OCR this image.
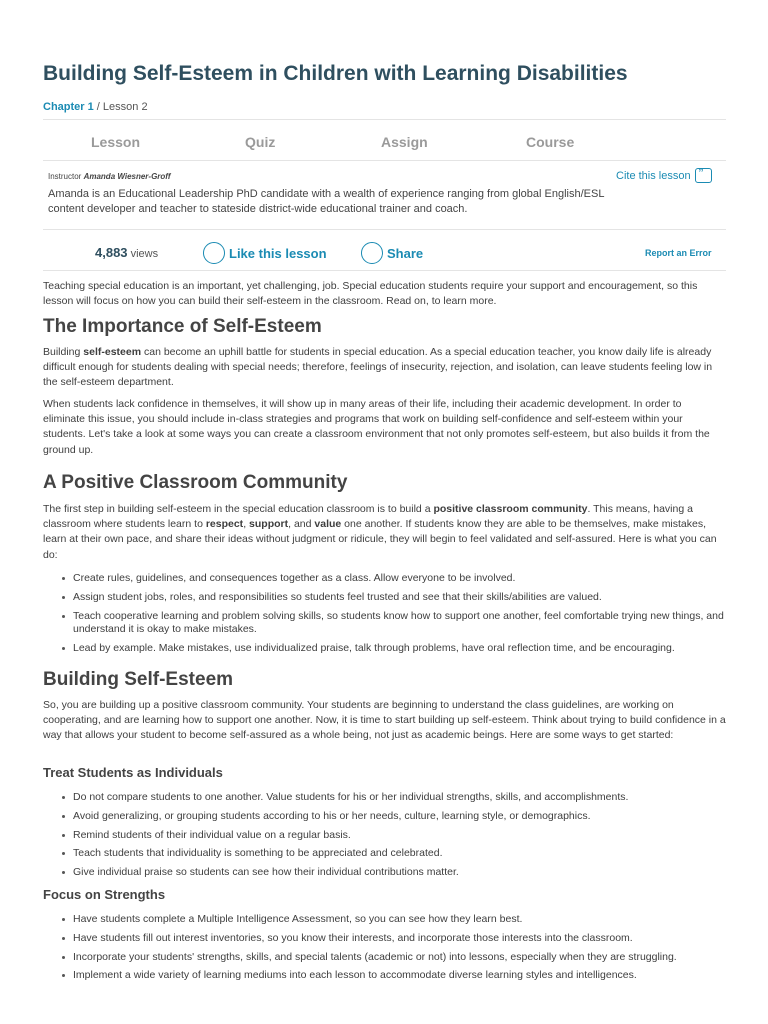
Building Self-Esteem in Children with Learning Disabilities
Chapter 1 / Lesson 2
Lesson	Quiz	Assign	Course
Instructor Amanda Wiesner-Groff	Cite this lesson
”
Amanda is an Educational Leadership PhD candidate with a wealth of experience ranging from global English/ESL content developer and teacher to stateside district-wide educational trainer and coach.
4,883 views	Like this lesson	Share	Report an Error

Teaching special education is an important, yet challenging, job. Special education students require your support and encouragement, so this lesson will focus on how you can build their self-esteem in the classroom. Read on, to learn more.

The Importance of Self-Esteem

Building self-esteem can become an uphill battle for students in special education. As a special education teacher, you know daily life is already difficult enough for students dealing with special needs; therefore, feelings of insecurity, rejection, and isolation, can leave students feeling low in the self-esteem department.

When students lack confidence in themselves, it will show up in many areas of their life, including their academic development. In order to eliminate this issue, you should include in-class strategies and programs that work on building self-confidence and self-esteem within your students. Let's take a look at some ways you can create a classroom environment that not only promotes self-esteem, but also builds it from the ground up.

A Positive Classroom Community

The first step in building self-esteem in the special education classroom is to build a positive classroom community. This means, having a classroom where students learn to respect, support, and value one another. If students know they are able to be themselves, make mistakes, learn at their own pace, and share their ideas without judgment or ridicule, they will begin to feel validated and self-assured. Here is what you can do:

Create rules, guidelines, and consequences together as a class. Allow everyone to be involved.
Assign student jobs, roles, and responsibilities so students feel trusted and see that their skills/abilities are valued.
Teach cooperative learning and problem solving skills, so students know how to support one another, feel comfortable trying new things, and understand it is okay to make mistakes.
Lead by example. Make mistakes, use individualized praise, talk through problems, have oral reflection time, and be encouraging.
Building Self-Esteem

So, you are building up a positive classroom community. Your students are beginning to understand the class guidelines, are working on cooperating, and are learning how to support one another. Now, it is time to start building up self-esteem. Think about trying to build confidence in a way that allows your student to become self-assured as a whole being, not just as academic beings. Here are some ways to get started:

Treat Students as Individuals
Do not compare students to one another. Value students for his or her individual strengths, skills, and accomplishments.
Avoid generalizing, or grouping students according to his or her needs, culture, learning style, or demographics.
Remind students of their individual value on a regular basis.
Teach students that individuality is something to be appreciated and celebrated.
Give individual praise so students can see how their individual contributions matter.
Focus on Strengths
Have students complete a Multiple Intelligence Assessment, so you can see how they learn best.
Have students fill out interest inventories, so you know their interests, and incorporate those interests into the classroom.
Incorporate your students' strengths, skills, and special talents (academic or not) into lessons, especially when they are struggling.
Implement a wide variety of learning mediums into each lesson to accommodate diverse learning styles and intelligences.
